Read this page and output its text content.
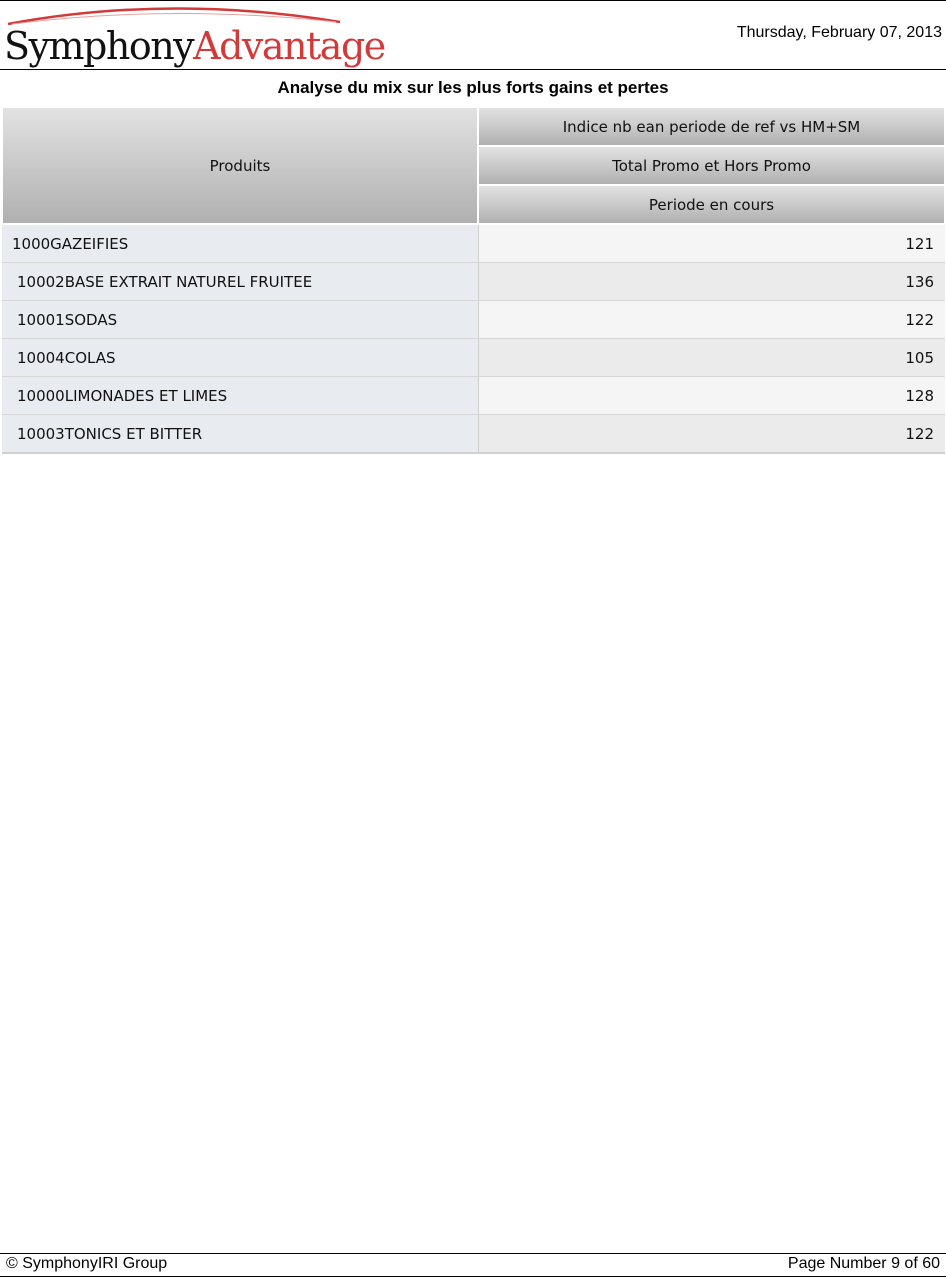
SymphonyAdvantage	Thursday, February 07, 2013
Analyse du mix sur les plus forts gains et pertes
Produits	Indice nb ean periode de ref vs HM+SM
	Total Promo et Hors Promo
	Periode en cours
1000GAZEIFIES	121
10002BASE EXTRAIT NATUREL FRUITEE	136
10001SODAS	122
10004COLAS	105
10000LIMONADES ET LIMES	128
10003TONICS ET BITTER	122
© SymphonyIRI Group	Page Number 9 of 60
